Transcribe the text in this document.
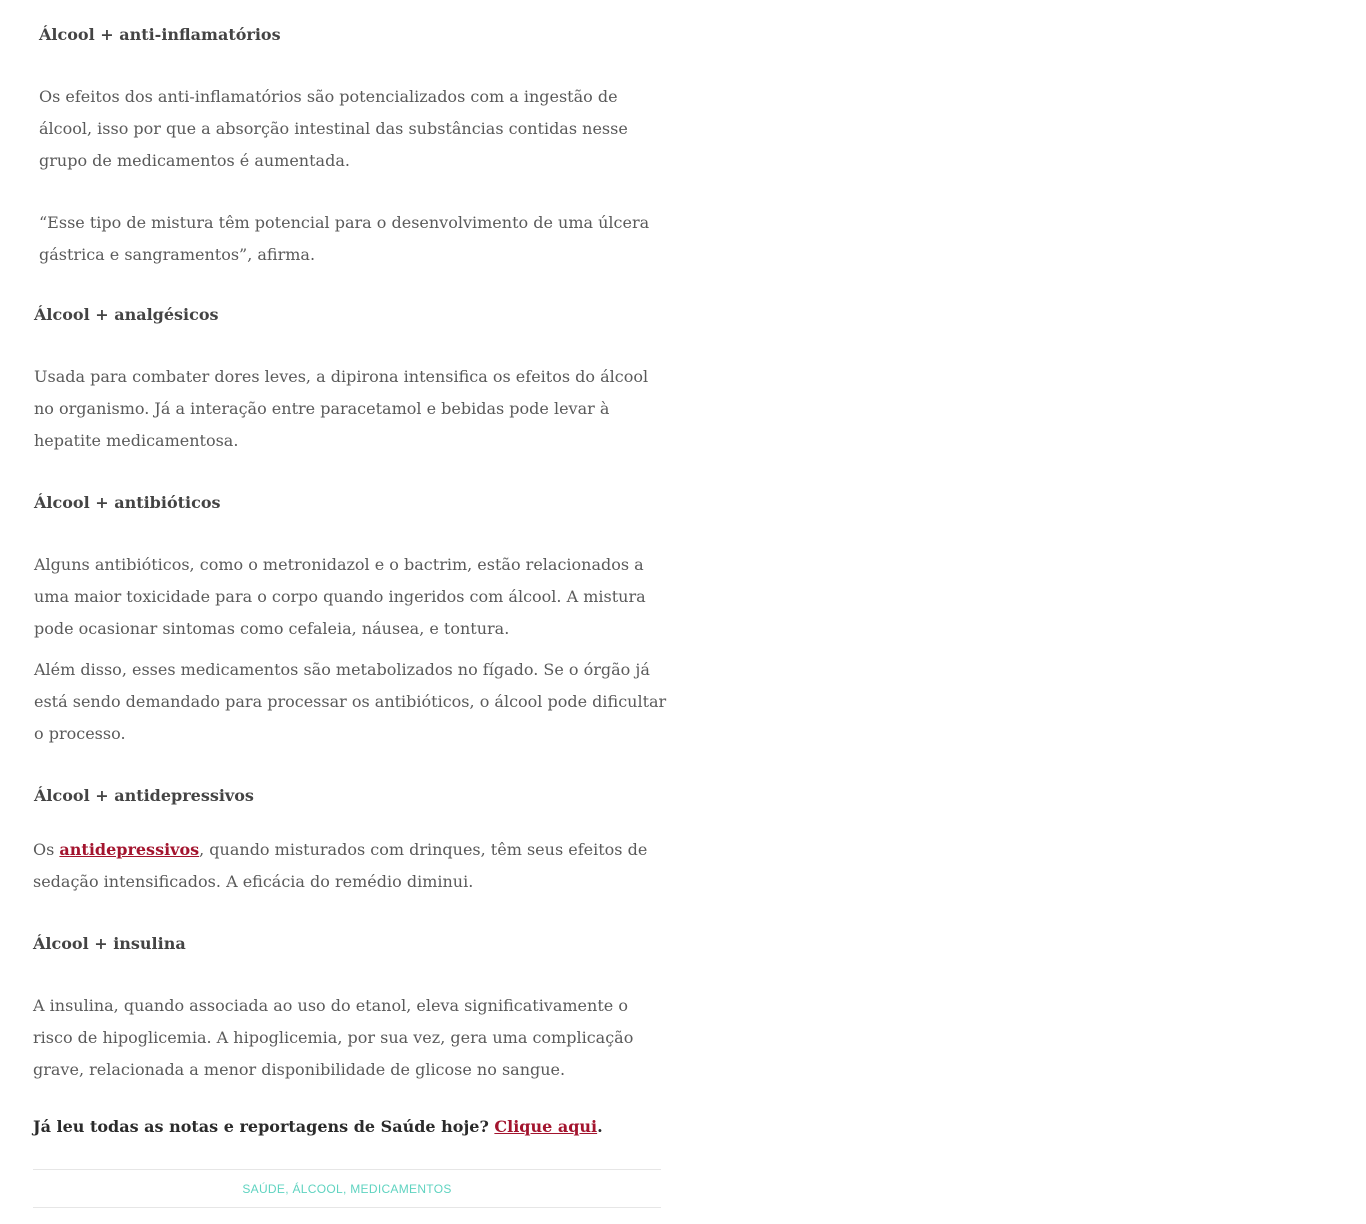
Álcool + anti-inflamatórios

Os efeitos dos anti-inflamatórios são potencializados com a ingestão de álcool, isso por que a absorção intestinal das substâncias contidas nesse grupo de medicamentos é aumentada.

“Esse tipo de mistura têm potencial para o desenvolvimento de uma úlcera gástrica e sangramentos”, afirma.

Álcool + analgésicos

Usada para combater dores leves, a dipirona intensifica os efeitos do álcool no organismo. Já a interação entre paracetamol e bebidas pode levar à hepatite medicamentosa.

Álcool + antibióticos

Alguns antibióticos, como o metronidazol e o bactrim, estão relacionados a uma maior toxicidade para o corpo quando ingeridos com álcool. A mistura pode ocasionar sintomas como cefaleia, náusea, e tontura.

Além disso, esses medicamentos são metabolizados no fígado. Se o órgão já está sendo demandado para processar os antibióticos, o álcool pode dificultar o processo.

Álcool + antidepressivos

Os antidepressivos, quando misturados com drinques, têm seus efeitos de sedação intensificados. A eficácia do remédio diminui.

Álcool + insulina

A insulina, quando associada ao uso do etanol, eleva significativamente o risco de hipoglicemia. A hipoglicemia, por sua vez, gera uma complicação grave, relacionada a menor disponibilidade de glicose no sangue.

Já leu todas as notas e reportagens de Saúde hoje? Clique aqui.

SAÚDE , ÁLCOOL , MEDICAMENTOS
